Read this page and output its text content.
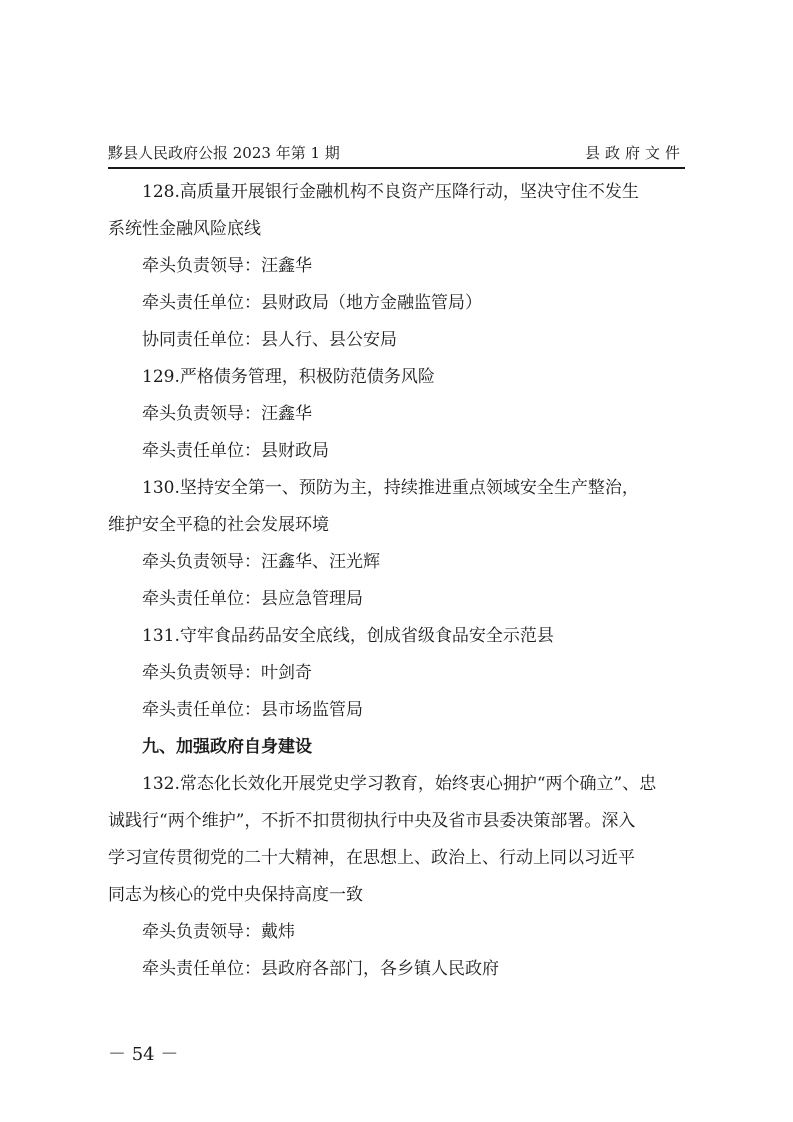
黟县人民政府公报 2023 年第 1 期	县政府文件
128.高质量开展银行金融机构不良资产压降行动，坚决守住不发生
系统性金融风险底线
牵头负责领导：汪鑫华
牵头责任单位：县财政局（地方金融监管局）
协同责任单位：县人行、县公安局
129.严格债务管理，积极防范债务风险
牵头负责领导：汪鑫华
牵头责任单位：县财政局
130.坚持安全第一、预防为主，持续推进重点领域安全生产整治，
维护安全平稳的社会发展环境
牵头负责领导：汪鑫华、汪光辉
牵头责任单位：县应急管理局
131.守牢食品药品安全底线，创成省级食品安全示范县
牵头负责领导：叶剑奇
牵头责任单位：县市场监管局
九、加强政府自身建设
132.常态化长效化开展党史学习教育，始终衷心拥护“两个确立”、忠
诚践行“两个维护”，不折不扣贯彻执行中央及省市县委决策部署。深入
学习宣传贯彻党的二十大精神，在思想上、政治上、行动上同以习近平
同志为核心的党中央保持高度一致
牵头负责领导：戴炜
牵头责任单位：县政府各部门，各乡镇人民政府
－ 54 －
